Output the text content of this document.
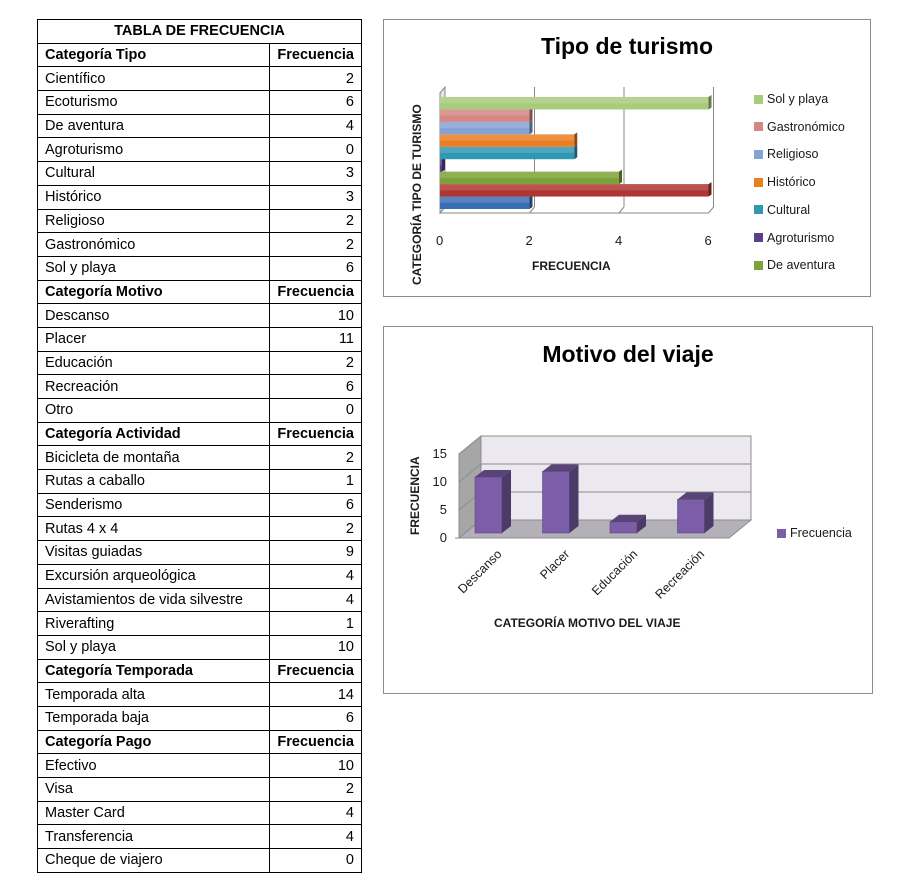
TABLA DE FRECUENCIA	
Categoría Tipo	Frecuencia
Científico	2
Ecoturismo	6
De aventura	4
Agroturismo	0
Cultural	3
Histórico	3
Religioso	2
Gastronómico	2
Sol y playa	6
Categoría Motivo	Frecuencia
Descanso	10
Placer	11
Educación	2
Recreación	6
Otro	0
Categoría Actividad	Frecuencia
Bicicleta de montaña	2
Rutas a caballo	1
Senderismo	6
Rutas 4 x 4	2
Visitas guiadas	9
Excursión arqueológica	4
Avistamientos de vida silvestre	4
Riverafting	1
Sol y playa	10
Categoría Temporada	Frecuencia
Temporada alta	14
Temporada baja	6
Categoría Pago	Frecuencia
Efectivo	10
Visa	2
Master Card	4
Transferencia	4
Cheque de viajero	0
Tipo de turismo
CATEGORÍA TIPO DE TURISMO	FRECUENCIA
0	2	4	6
Sol y playa
Gastronómico
Religioso
Histórico
Cultural
Agroturismo
De aventura
Motivo del viaje
FRECUENCIA
CATEGORÍA MOTIVO DEL VIAJE
0
5
10
15
Descanso	Placer Educación Recreación
Frecuencia
